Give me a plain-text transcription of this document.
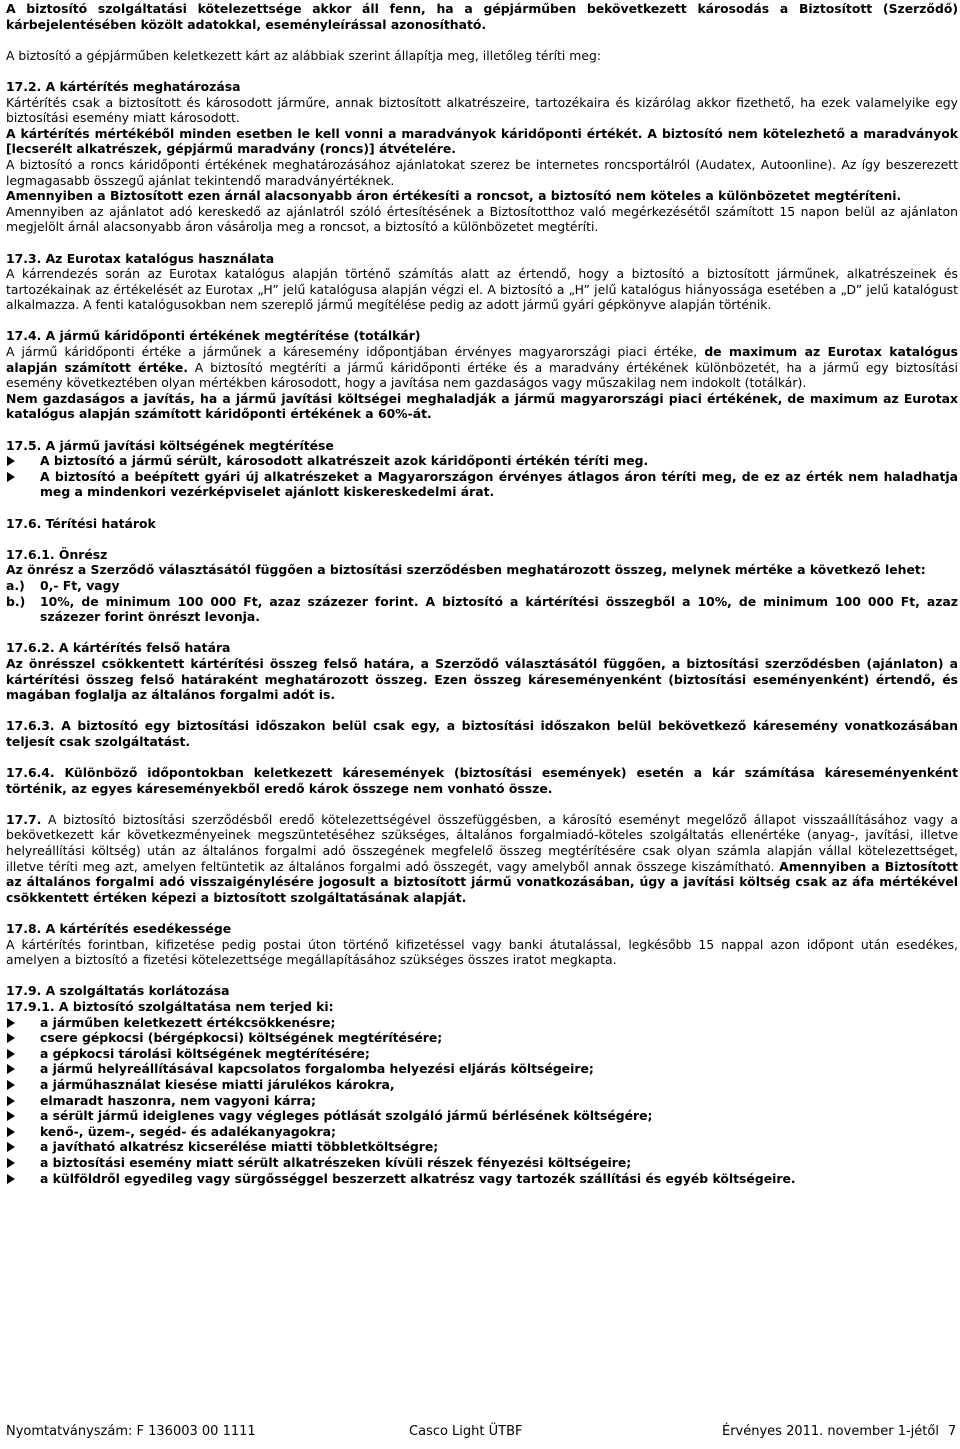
A biztosító szolgáltatási kötelezettsége akkor áll fenn, ha a gépjárműben bekövetkezett károsodás a Biztosított (Szerződő) kárbejelentésében közölt adatokkal, eseményleírással azonosítható.

A biztosító a gépjárműben keletkezett kárt az alábbiak szerint állapítja meg, illetőleg téríti meg:

17.2. A kártérítés meghatározása

Kártérítés csak a biztosított és károsodott járműre, annak biztosított alkatrészeire, tartozékaira és kizárólag akkor fizethető, ha ezek valamelyike egy biztosítási esemény miatt károsodott.

A kártérítés mértékéből minden esetben le kell vonni a maradványok káridőponti értékét. A biztosító nem kötelezhető a maradványok [lecserélt alkatrészek, gépjármű maradvány (roncs)] átvételére.

A biztosító a roncs káridőponti értékének meghatározásához ajánlatokat szerez be internetes roncsportálról (Audatex, Autoonline). Az így beszerezett legmagasabb összegű ajánlat tekintendő maradványértéknek.

Amennyiben a Biztosított ezen árnál alacsonyabb áron értékesíti a roncsot, a biztosító nem köteles a különbözetet megtéríteni.

Amennyiben az ajánlatot adó kereskedő az ajánlatról szóló értesítésének a Biztosítotthoz való megérkezésétől számított 15 napon belül az ajánlaton megjelölt árnál alacsonyabb áron vásárolja meg a roncsot, a biztosító a különbözetet megtéríti.

17.3. Az Eurotax katalógus használata

A kárrendezés során az Eurotax katalógus alapján történő számítás alatt az értendő, hogy a biztosító a biztosított járműnek, alkatrészeinek és tartozékainak az értékelését az Eurotax „H” jelű katalógusa alapján végzi el. A biztosító a „H” jelű katalógus hiányossága esetében a „D” jelű katalógust alkalmazza. A fenti katalógusokban nem szereplő jármű megítélése pedig az adott jármű gyári gépkönyve alapján történik.

17.4. A jármű káridőponti értékének megtérítése (totálkár)

A jármű káridőponti értéke a járműnek a káresemény időpontjában érvényes magyarországi piaci értéke, de maximum az Eurotax katalógus alapján számított értéke. A biztosító megtéríti a jármű káridőponti értéke és a maradvány értékének különbözetét, ha a jármű egy biztosítási esemény következtében olyan mértékben károsodott, hogy a javítása nem gazdaságos vagy műszakilag nem indokolt (totálkár).

Nem gazdaságos a javítás, ha a jármű javítási költségei meghaladják a jármű magyarországi piaci értékének, de maximum az Eurotax katalógus alapján számított káridőponti értékének a 60%-át.

17.5. A jármű javítási költségének megtérítése

A biztosító a jármű sérült, károsodott alkatrészeit azok káridőponti értékén téríti meg.
A biztosító a beépített gyári új alkatrészeket a Magyarországon érvényes átlagos áron téríti meg, de ez az érték nem haladhatja meg a mindenkori vezérképviselet ajánlott kiskereskedelmi árat.

17.6. Térítési határok

17.6.1. Önrész

Az önrész a Szerződő választásától függően a biztosítási szerződésben meghatározott összeg, melynek mértéke a következő lehet:

a.) 0,- Ft, vagy
b.) 10%, de minimum 100 000 Ft, azaz százezer forint. A biztosító a kártérítési összegből a 10%, de minimum 100 000 Ft, azaz százezer forint önrészt levonja.

17.6.2. A kártérítés felső határa

Az önrésszel csökkentett kártérítési összeg felső határa, a Szerződő választásától függően, a biztosítási szerződésben (ajánlaton) a kártérítési összeg felső határaként meghatározott összeg. Ezen összeg káreseményenként (biztosítási eseményenként) értendő, és magában foglalja az általános forgalmi adót is.

17.6.3. A biztosító egy biztosítási időszakon belül csak egy, a biztosítási időszakon belül bekövetkező káresemény vonatkozásában teljesít csak szolgáltatást.

17.6.4. Különböző időpontokban keletkezett káresemények (biztosítási események) esetén a kár számítása káreseményenként történik, az egyes káreseményekből eredő károk összege nem vonható össze.

17.7. A biztosító biztosítási szerződésből eredő kötelezettségével összefüggésben, a károsító eseményt megelőző állapot visszaállításához vagy a bekövetkezett kár következményeinek megszüntetéséhez szükséges, általános forgalmiadó-köteles szolgáltatás ellenértéke (anyag-, javítási, illetve helyreállítási költség) után az általános forgalmi adó összegének megfelelő összeg megtérítésére csak olyan számla alapján vállal kötelezettséget, illetve téríti meg azt, amelyen feltüntetik az általános forgalmi adó összegét, vagy amelyből annak összege kiszámítható. Amennyiben a Biztosított az általános forgalmi adó visszaigénylésére jogosult a biztosított jármű vonatkozásában, úgy a javítási költség csak az áfa mértékével csökkentett értéken képezi a biztosított szolgáltatásának alapját.

17.8. A kártérítés esedékessége

A kártérítés forintban, kifizetése pedig postai úton történő kifizetéssel vagy banki átutalással, legkésőbb 15 nappal azon időpont után esedékes, amelyen a biztosító a fizetési kötelezettsége megállapításához szükséges összes iratot megkapta.

17.9. A szolgáltatás korlátozása

17.9.1. A biztosító szolgáltatása nem terjed ki:

a járműben keletkezett értékcsökkenésre;
csere gépkocsi (bérgépkocsi) költségének megtérítésére;
a gépkocsi tárolási költségének megtérítésére;
a jármű helyreállításával kapcsolatos forgalomba helyezési eljárás költségeire;
a járműhasználat kiesése miatti járulékos károkra,
elmaradt haszonra, nem vagyoni kárra;
a sérült jármű ideiglenes vagy végleges pótlását szolgáló jármű bérlésének költségére;
kenő-, üzem-, segéd- és adalékanyagokra;
a javítható alkatrész kicserélése miatti többletköltségre;
a biztosítási esemény miatt sérült alkatrészeken kívüli részek fényezési költségeire;
a külföldről egyedileg vagy sürgősséggel beszerzett alkatrész vagy tartozék szállítási és egyéb költségeire.
Nyomtatványszám: F 136003 00 1111	Casco Light ÜTBF	Érvényes 2011. november 1-jétől 7
